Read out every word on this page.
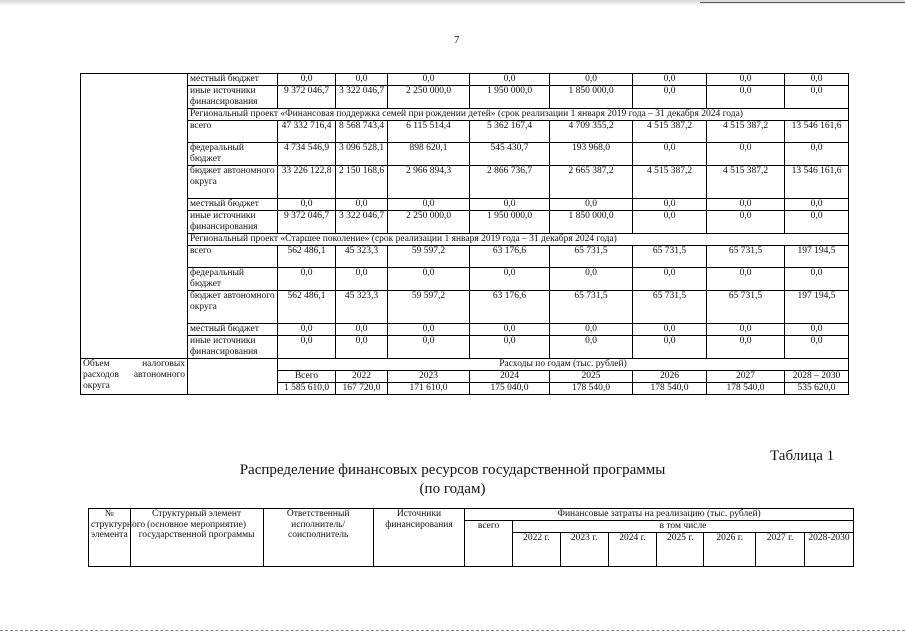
7
	местный бюджет	0,0	0,0	0,0	0,0	0,0	0,0	0,0	0,0
	иные источники финансирования	9 372 046,7	3 322 046,7	2 250 000,0	1 950 000,0	1 850 000,0	0,0	0,0	0,0
	Региональный проект «Финансовая поддержка семей при рождении детей» (срок реализации 1 января 2019 года – 31 декабря 2024 года)								
	всего	47 332 716,4	8 568 743,4	6 115 514,4	5 362 167,4	4 709 355,2	4 515 387,2	4 515 387,2	13 546 161,6
	федеральный бюджет	4 734 546,9	3 096 528,1	898 620,1	545 430,7	193 968,0	0,0	0,0	0,0
	бюджет автономного округа	33 226 122,8	2 150 168,6	2 966 894,3	2 866 736,7	2 665 387,2	4 515 387,2	4 515 387,2	13 546 161,6
	местный бюджет	0,0	0,0	0,0	0,0	0,0	0,0	0,0	0,0
	иные источники финансирования	9 372 046,7	3 322 046,7	2 250 000,0	1 950 000,0	1 850 000,0	0,0	0,0	0,0
	Региональный проект «Старшее поколение» (срок реализации 1 января 2019 года – 31 декабря 2024 года)								
	всего	562 486,1	45 323,3	59 597,2	63 176,6	65 731,5	65 731,5	65 731,5	197 194,5
	федеральный бюджет	0,0	0,0	0,0	0,0	0,0	0,0	0,0	0,0
	бюджет автономного округа	562 486,1	45 323,3	59 597,2	63 176,6	65 731,5	65 731,5	65 731,5	197 194,5
	местный бюджет	0,0	0,0	0,0	0,0	0,0	0,0	0,0	0,0
	иные источники финансирования	0,0	0,0	0,0	0,0	0,0	0,0	0,0	0,0
Объем налоговых расходов автономного округа		Расходы по годам (тыс. рублей)							
		Всего	2022	2023	2024	2025	2026	2027	2028 – 2030
		1 585 610,0	167 720,0	171 610,0	175 040,0	178 540,0	178 540,0	178 540,0	535 620,0
Таблица 1
Распределение финансовых ресурсов государственной программы
(по годам)
№ структурного элемента	Структурный элемент (основное мероприятие) государственной программы	Ответственный исполнитель/соисполнитель	Источники финансирования	Финансовые затраты на реализацию (тыс. рублей)							
				всего	в том числе						
					2022 г.	2023 г.	2024 г.	2025 г.	2026 г.	2027 г.	2028-2030
